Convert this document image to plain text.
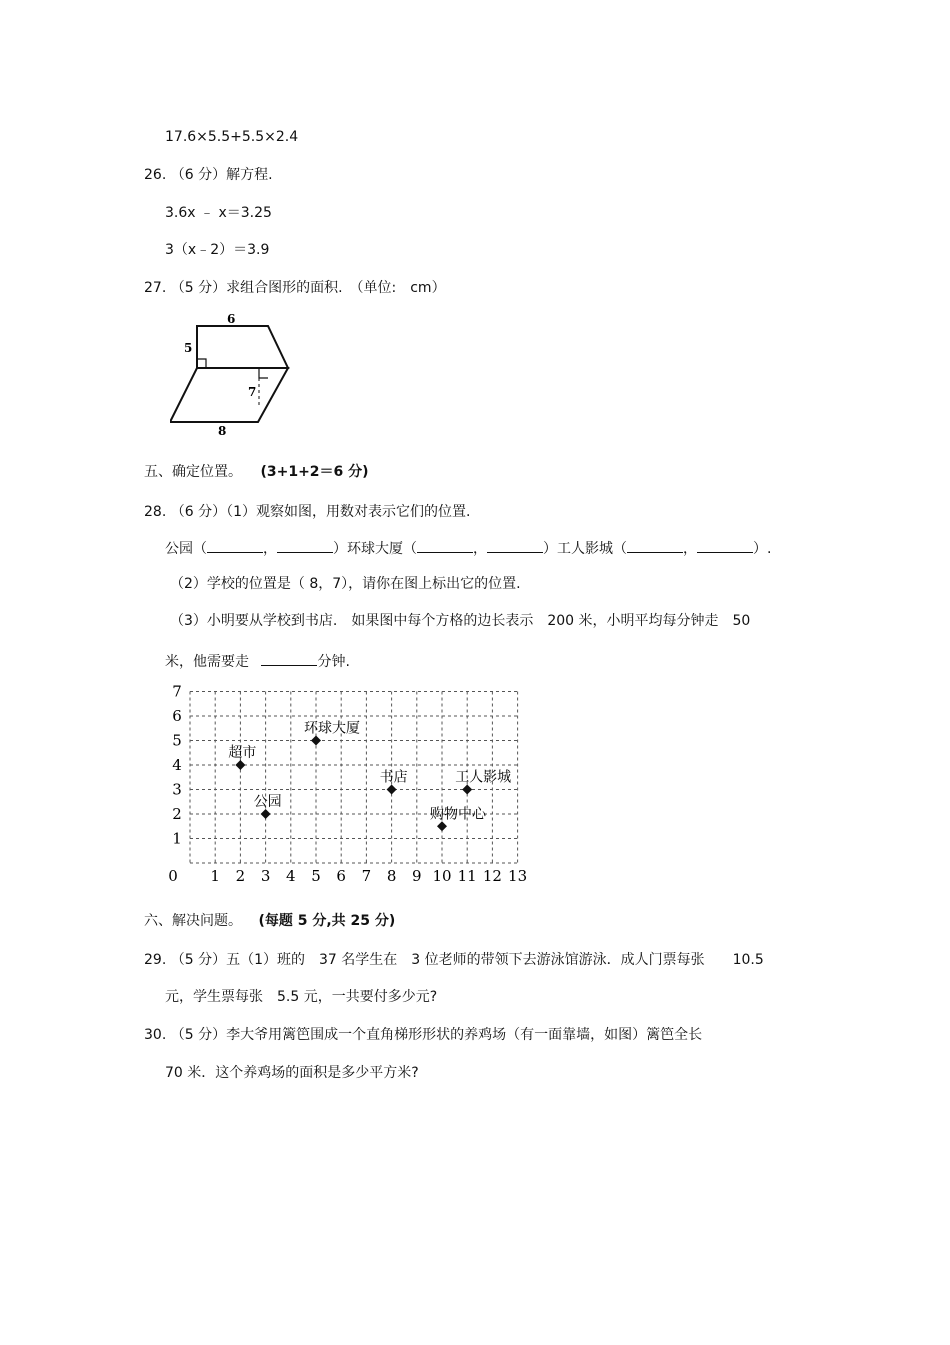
17.6×5.5+5.5×2.4
26. （6 分）解方程.
3.6x ﹣ x＝3.25
3（x﹣2）＝3.9
27. （5 分）求组合图形的面积.　（单位:　cm）
6
5
7
8
五、确定位置。 (3+1+2＝6 分)
28. （6 分）（1）观察如图，用数对表示它们的位置.
公园（	，	）环球大厦（	，	）工人影城（	，	）.
（2）学校的位置是（ 8，7），请你在图上标出它的位置.
（3）小明要从学校到书店.　如果图中每个方格的边长表示　200 米，小明平均每分钟走　50
米，他需要走	分钟.
0 1 2 3 4 5 6 7 8 9 10 11 12 13
1
2
3
4
5
6
7
超市
环球大厦
公园
书店	工人影城
购物中心
六、解决问题。 (每题 5 分,共 25 分)
29. （5 分）五（1）班的　37 名学生在　3 位老师的带领下去游泳馆游泳．成人门票每张　　10.5
元，学生票每张　5.5 元，一共要付多少元?
30. （5 分）李大爷用篱笆围成一个直角梯形形状的养鸡场（有一面靠墙，如图）篱笆全长
70 米．这个养鸡场的面积是多少平方米?
